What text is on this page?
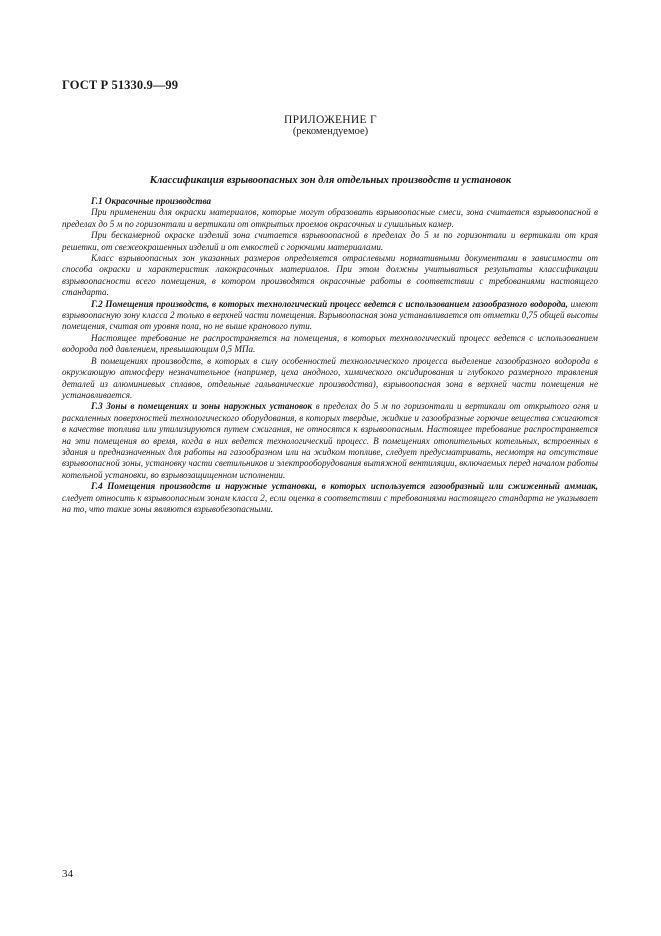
ГОСТ Р 51330.9—99
ПРИЛОЖЕНИЕ Г
(рекомендуемое)
Классификация взрывоопасных зон для отдельных производств и установок

Г.1 Окрасочные производства

При применении для окраски материалов, которые могут образовать взрывоопасные смеси, зона считается взрывоопасной в пределах до 5 м по горизонтали и вертикали от открытых проемов окрасочных и сушильных камер.

При бескамерной окраске изделий зона считается взрывоопасной в пределах до 5 м по горизонтали и вертикали от края решетки, от свежеокрашенных изделий и от емкостей с горючими материалами.

Класс взрывоопасных зон указанных размеров определяется отраслевыми нормативными документами в зависимости от способа окраски и характеристик лакокрасочных материалов. При этом должны учитываться результаты классификации взрывоопасности всего помещения, в котором производятся окрасочные работы в соответствии с требованиями настоящего стандарта.

Г.2 Помещения производств, в которых технологический процесс ведется с использованием газообразного водорода, имеют взрывоопасную зону класса 2 только в верхней части помещения. Взрывоопасная зона устанавливается от отметки 0,75 общей высоты помещения, считая от уровня пола, но не выше кранового пути.

Настоящее требование не распространяется на помещения, в которых технологический процесс ведется с использованием водорода под давлением, превышающим 0,5 МПа.

В помещениях производств, в которых в силу особенностей технологического процесса выделение газообразного водорода в окружающую атмосферу незначительное (например, цеха анодного, химического оксидирования и глубокого размерного травления деталей из алюминиевых сплавов, отдельные гальванические производства), взрывоопасная зона в верхней части помещения не устанавливается.

Г.3 Зоны в помещениях и зоны наружных установок в пределах до 5 м по горизонтали и вертикали от открытого огня и раскаленных поверхностей технологического оборудования, в которых твердые, жидкие и газообразные горючие вещества сжигаются в качестве топлива или утилизируются путем сжигания, не относятся к взрывоопасным. Настоящее требование распространяется на эти помещения во время, когда в них ведется технологический процесс. В помещениях отопительных котельных, встроенных в здания и предназначенных для работы на газообразном или на жидком топливе, следует предусматривать, несмотря на отсутствие взрывоопасной зоны, установку части светильников и электрооборудования вытяжной вентиляции, включаемых перед началом работы котельной установки, во взрывозащищенном исполнении.

Г.4 Помещения производств и наружные установки, в которых используется газообразный или сжиженный аммиак, следует относить к взрывоопасным зонам класса 2, если оценка в соответствии с требованиями настоящего стандарта не указывает на то, что такие зоны являются взрывобезопасными.

34
